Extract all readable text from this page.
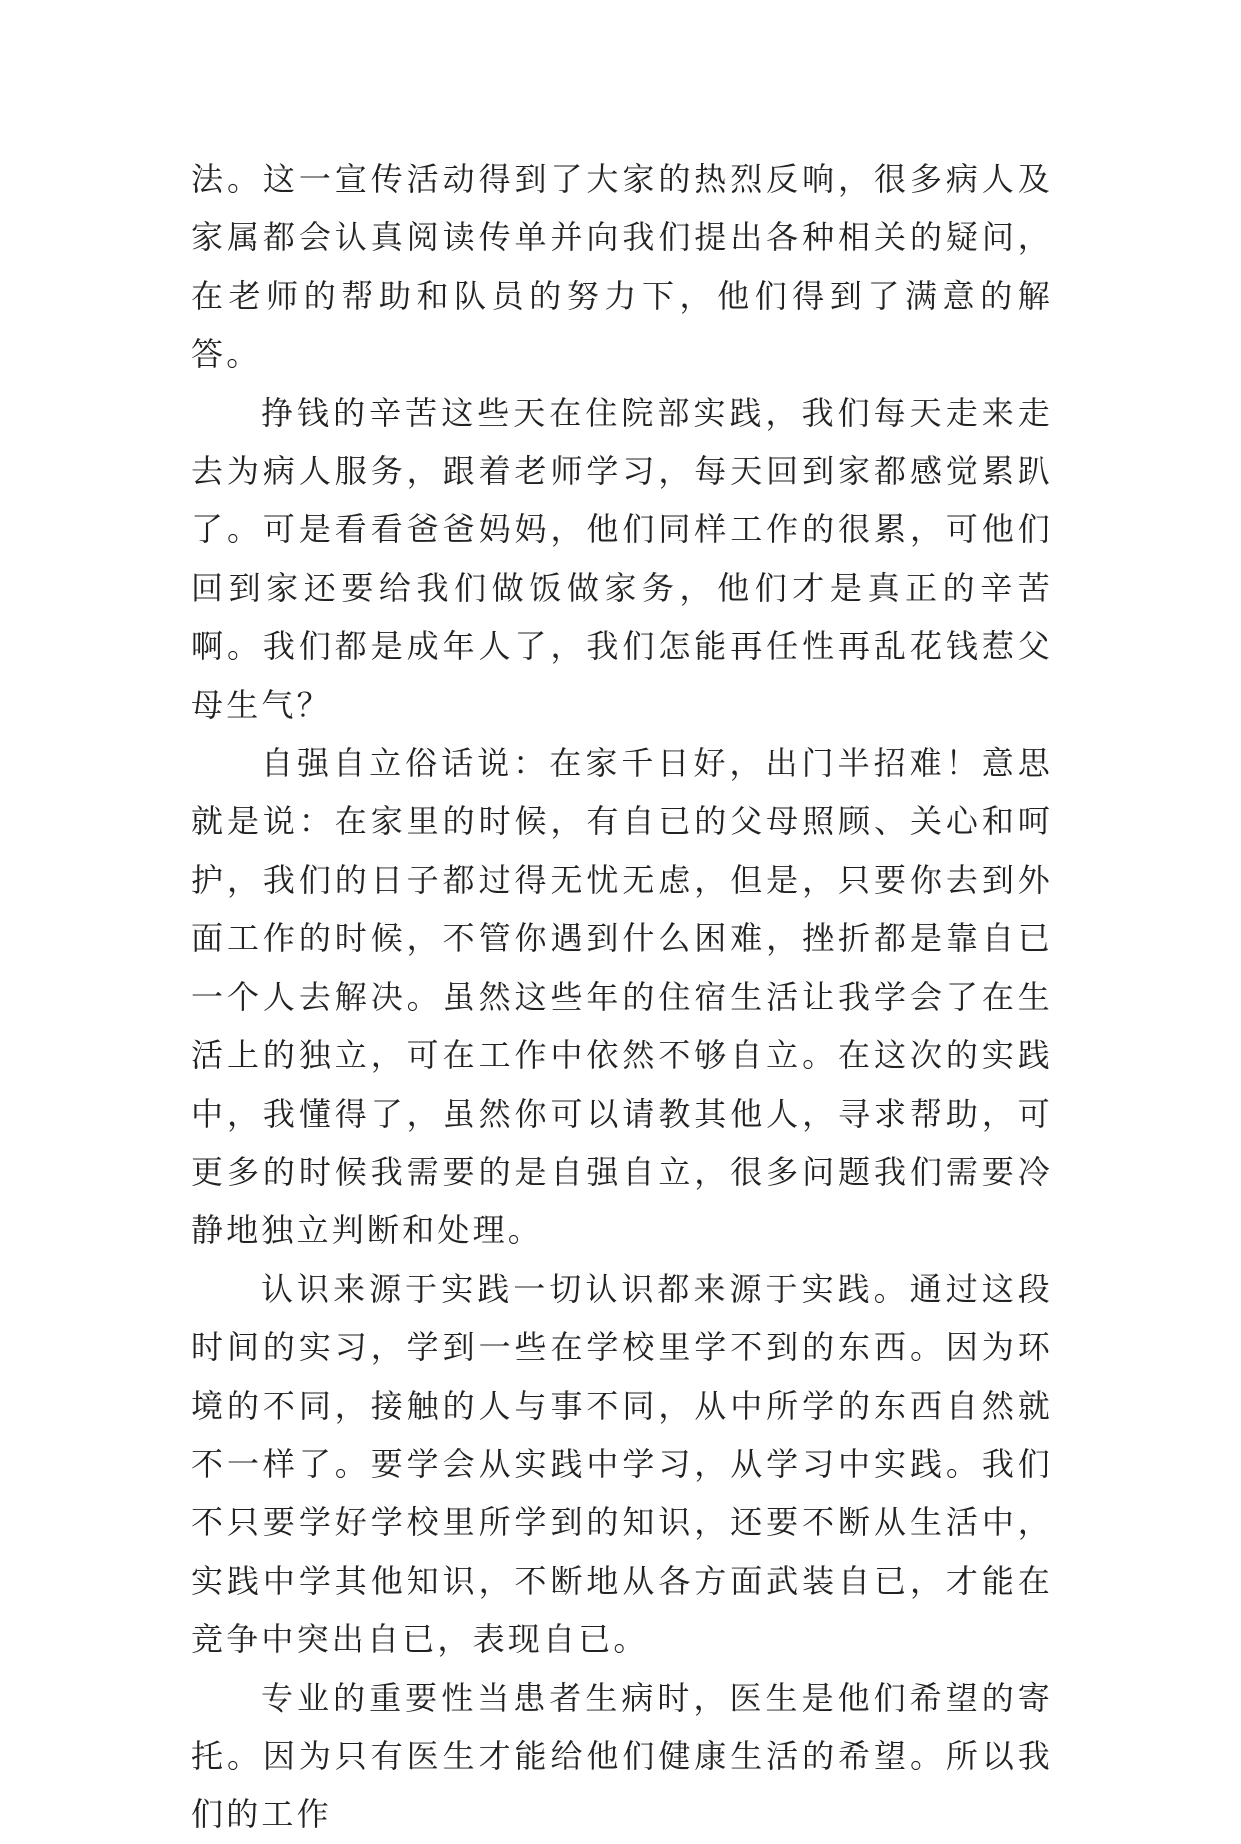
法。这一宣传活动得到了大家的热烈反响，很多病人及家属都会认真阅读传单并向我们提出各种相关的疑问，在老师的帮助和队员的努力下，他们得到了满意的解答。

挣钱的辛苦这些天在住院部实践，我们每天走来走去为病人服务，跟着老师学习，每天回到家都感觉累趴了。可是看看爸爸妈妈，他们同样工作的很累，可他们回到家还要给我们做饭做家务，他们才是真正的辛苦啊。我们都是成年人了，我们怎能再任性再乱花钱惹父母生气？

自强自立俗话说：在家千日好，出门半招难！意思就是说：在家里的时候，有自已的父母照顾、关心和呵护，我们的日子都过得无忧无虑，但是，只要你去到外面工作的时候，不管你遇到什么困难，挫折都是靠自已一个人去解决。虽然这些年的住宿生活让我学会了在生活上的独立，可在工作中依然不够自立。在这次的实践中，我懂得了，虽然你可以请教其他人，寻求帮助，可更多的时候我需要的是自强自立，很多问题我们需要冷静地独立判断和处理。

认识来源于实践一切认识都来源于实践。通过这段时间的实习，学到一些在学校里学不到的东西。因为环境的不同，接触的人与事不同，从中所学的东西自然就不一样了。要学会从实践中学习，从学习中实践。我们不只要学好学校里所学到的知识，还要不断从生活中，实践中学其他知识，不断地从各方面武装自已，才能在竞争中突出自已，表现自已。

专业的重要性当患者生病时，医生是他们希望的寄托。因为只有医生才能给他们健康生活的希望。所以我们的工作
